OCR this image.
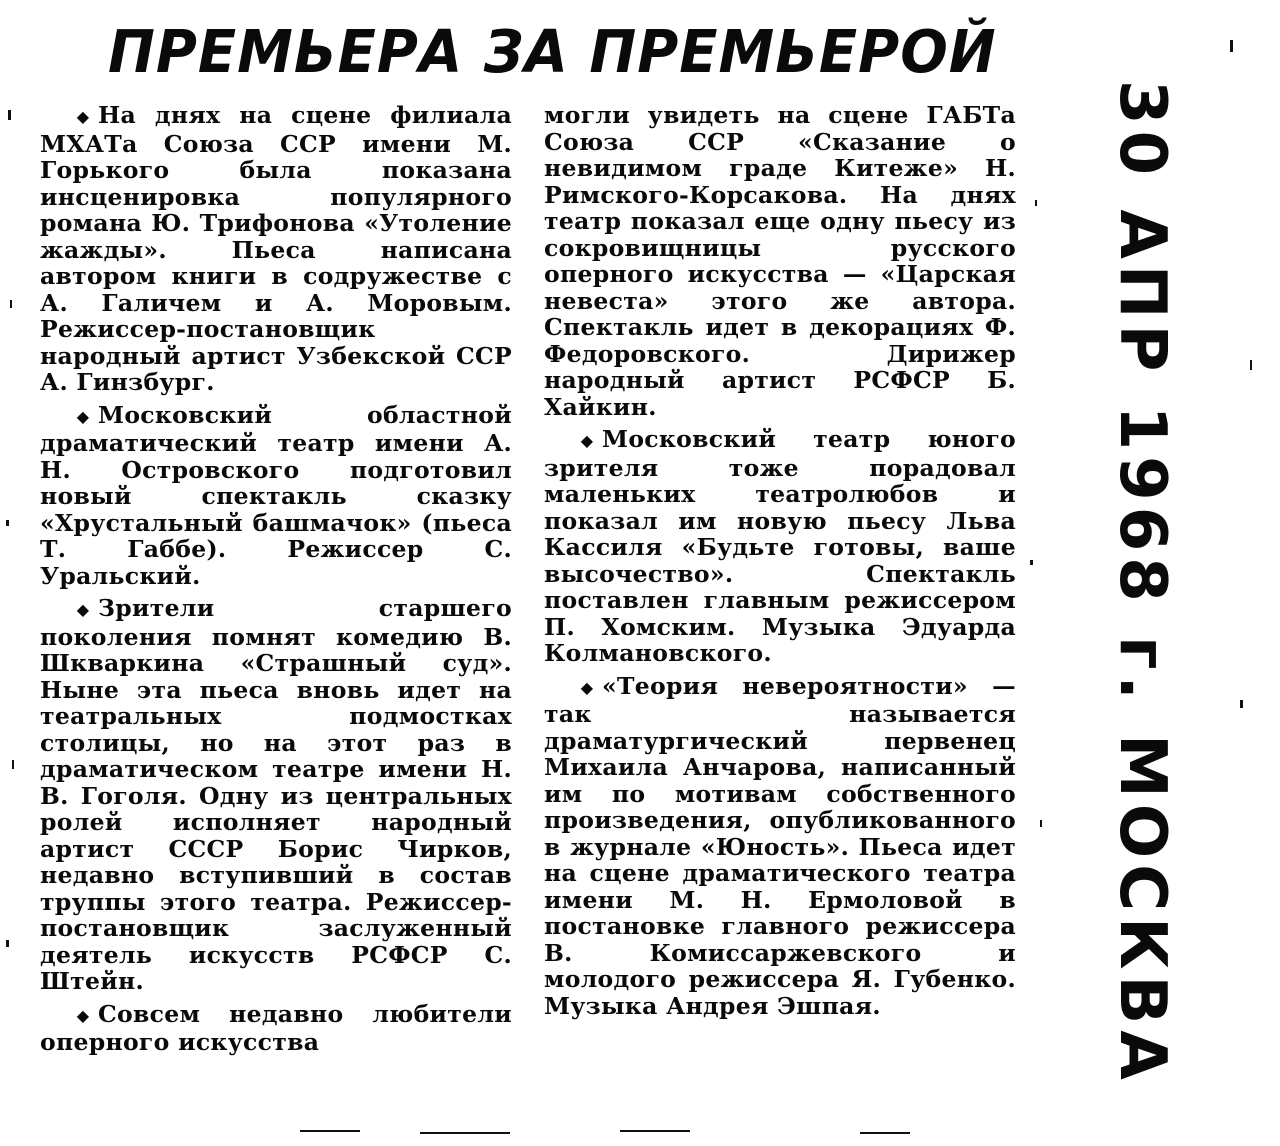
ПРЕМЬЕРА ЗА ПРЕМЬЕРОЙ

◆ На днях на сцене филиала МХАТа Союза ССР имени М. Горького была показана инсценировка популярного романа Ю. Трифонова «Утоление жажды». Пьеса написана автором книги в содружестве с А. Галичем и А. Моровым. Режиссер-постановщик народный артист Узбекской ССР А. Гинзбург.

◆ Московский областной драматический театр имени А. Н. Островского подготовил новый спектакль сказку «Хрустальный башмачок» (пьеса Т. Габбе). Режиссер С. Уральский.

◆ Зрители старшего поколения помнят комедию В. Шкваркина «Страшный суд». Ныне эта пьеса вновь идет на театральных подмостках столицы, но на этот раз в драматическом театре имени Н. В. Гоголя. Одну из центральных ролей исполняет народный артист СССР Борис Чирков, недавно вступивший в состав труппы этого театра. Режиссер-постановщик заслуженный деятель искусств РСФСР С. Штейн.

◆ Совсем недавно любители оперного искусства

могли увидеть на сцене ГАБТа Союза ССР «Сказание о невидимом граде Китеже» Н. Римского-Корсакова. На днях театр показал еще одну пьесу из сокровищницы русского оперного искусства — «Царская невеста» этого же автора. Спектакль идет в декорациях Ф. Федоровского. Дирижер народный артист РСФСР Б. Хайкин.

◆ Московский театр юного зрителя тоже порадовал маленьких театролюбов и показал им новую пьесу Льва Кассиля «Будьте готовы, ваше высочество». Спектакль поставлен главным режиссером П. Хомским. Музыка Эдуарда Колмановского.

◆ «Теория невероятности» — так называется драматургический первенец Михаила Анчарова, написанный им по мотивам собственного произведения, опубликованного в журнале «Юность». Пьеса идет на сцене драматического театра имени М. Н. Ермоловой в постановке главного режиссера В. Комиссаржевского и молодого режиссера Я. Губенко. Музыка Андрея Эшпая.	30 АПР 1968 г. МОСКВА
